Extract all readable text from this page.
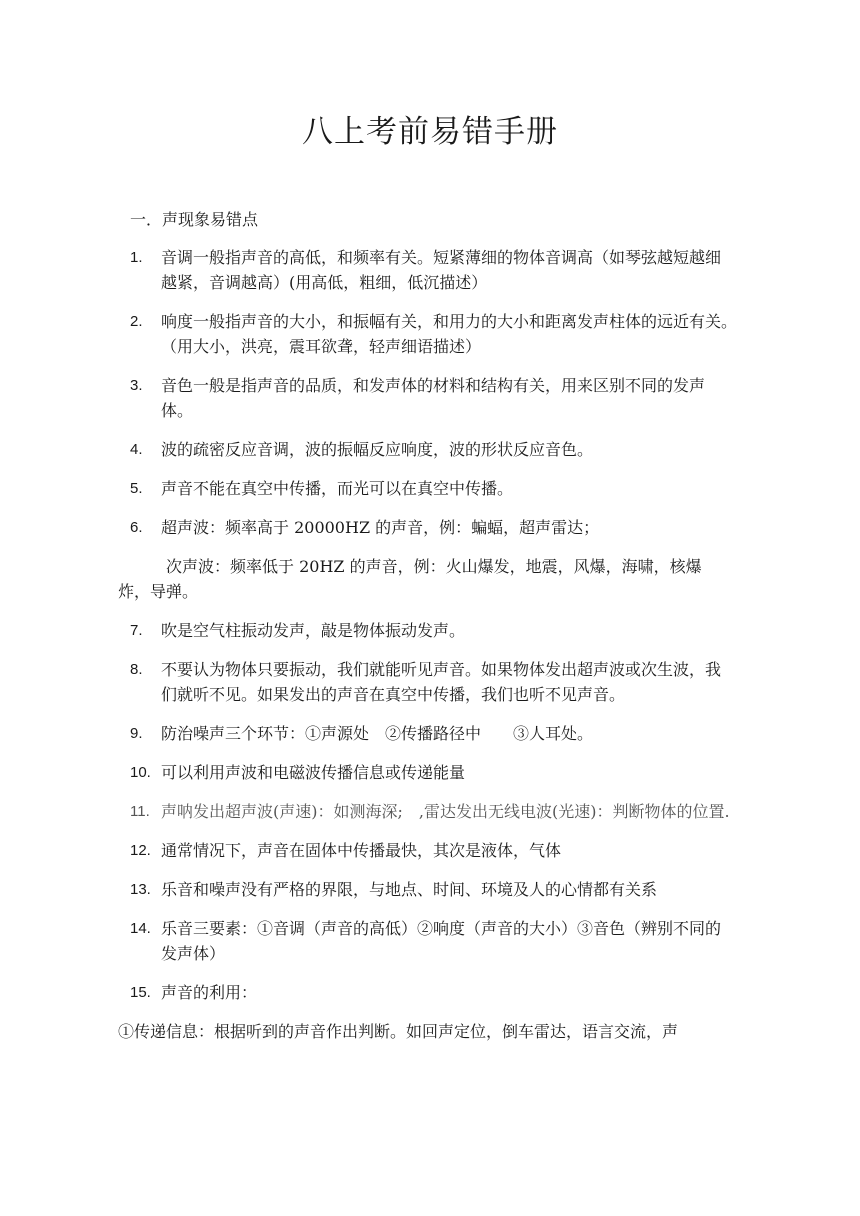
八上考前易错手册

一．声现象易错点

1. 音调一般指声音的高低，和频率有关。短紧薄细的物体音调高（如琴弦越短越细越紧，音调越高）(用高低，粗细，低沉描述）

2. 响度一般指声音的大小，和振幅有关，和用力的大小和距离发声柱体的远近有关。　（用大小，洪亮，震耳欲聋，轻声细语描述）

3. 音色一般是指声音的品质，和发声体的材料和结构有关，用来区别不同的发声体。

4. 波的疏密反应音调，波的振幅反应响度，波的形状反应音色。

5. 声音不能在真空中传播，而光可以在真空中传播。

6. 超声波：频率高于 20000HZ 的声音，例：蝙蝠，超声雷达；

次声波：频率低于 20HZ 的声音，例：火山爆发，地震，风爆，海啸，核爆炸，导弹。

7. 吹是空气柱振动发声，敲是物体振动发声。

8. 不要认为物体只要振动，我们就能听见声音。如果物体发出超声波或次生波，我们就听不见。如果发出的声音在真空中传播，我们也听不见声音。

9. 防治噪声三个环节：①声源处　②传播路径中　　③人耳处。

10. 可以利用声波和电磁波传播信息或传递能量

11. 声呐发出超声波(声速)：如测海深;　,雷达发出无线电波(光速)：判断物体的位置.

12. 通常情况下，声音在固体中传播最快，其次是液体，气体

13. 乐音和噪声没有严格的界限，与地点、时间、环境及人的心情都有关系

14. 乐音三要素：①音调（声音的高低）②响度（声音的大小）③音色（辨别不同的发声体）

15. 声音的利用：

①传递信息：根据听到的声音作出判断。如回声定位，倒车雷达，语言交流，声
